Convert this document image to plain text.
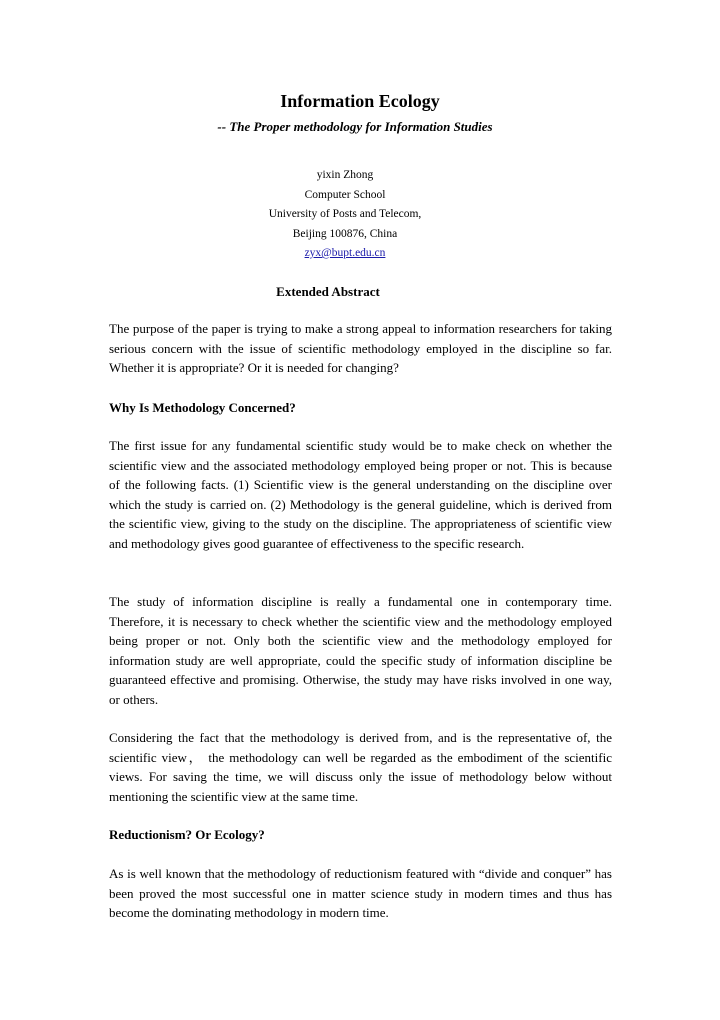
Information Ecology
-- The Proper methodology for Information Studies
yixin Zhong
Computer School
University of Posts and Telecom,
Beijing 100876, China
zyx@bupt.edu.cn
Extended Abstract

The purpose of the paper is trying to make a strong appeal to information researchers for taking serious concern with the issue of scientific methodology employed in the discipline so far. Whether it is appropriate? Or it is needed for changing?

Why Is Methodology Concerned?

The first issue for any fundamental scientific study would be to make check on whether the scientific view and the associated methodology employed being proper or not. This is because of the following facts. (1) Scientific view is the general understanding on the discipline over which the study is carried on. (2) Methodology is the general guideline, which is derived from the scientific view, giving to the study on the discipline. The appropriateness of scientific view and methodology gives good guarantee of effectiveness to the specific research.

The study of information discipline is really a fundamental one in contemporary time. Therefore, it is necessary to check whether the scientific view and the methodology employed being proper or not. Only both the scientific view and the methodology employed for information study are well appropriate, could the specific study of information discipline be guaranteed effective and promising. Otherwise, the study may have risks involved in one way, or others.

Considering the fact that the methodology is derived from, and is the representative of, the scientific view， the methodology can well be regarded as the embodiment of the scientific views. For saving the time, we will discuss only the issue of methodology below without mentioning the scientific view at the same time.

Reductionism? Or Ecology?

As is well known that the methodology of reductionism featured with “divide and conquer” has been proved the most successful one in matter science study in modern times and thus has become the dominating methodology in modern time.
